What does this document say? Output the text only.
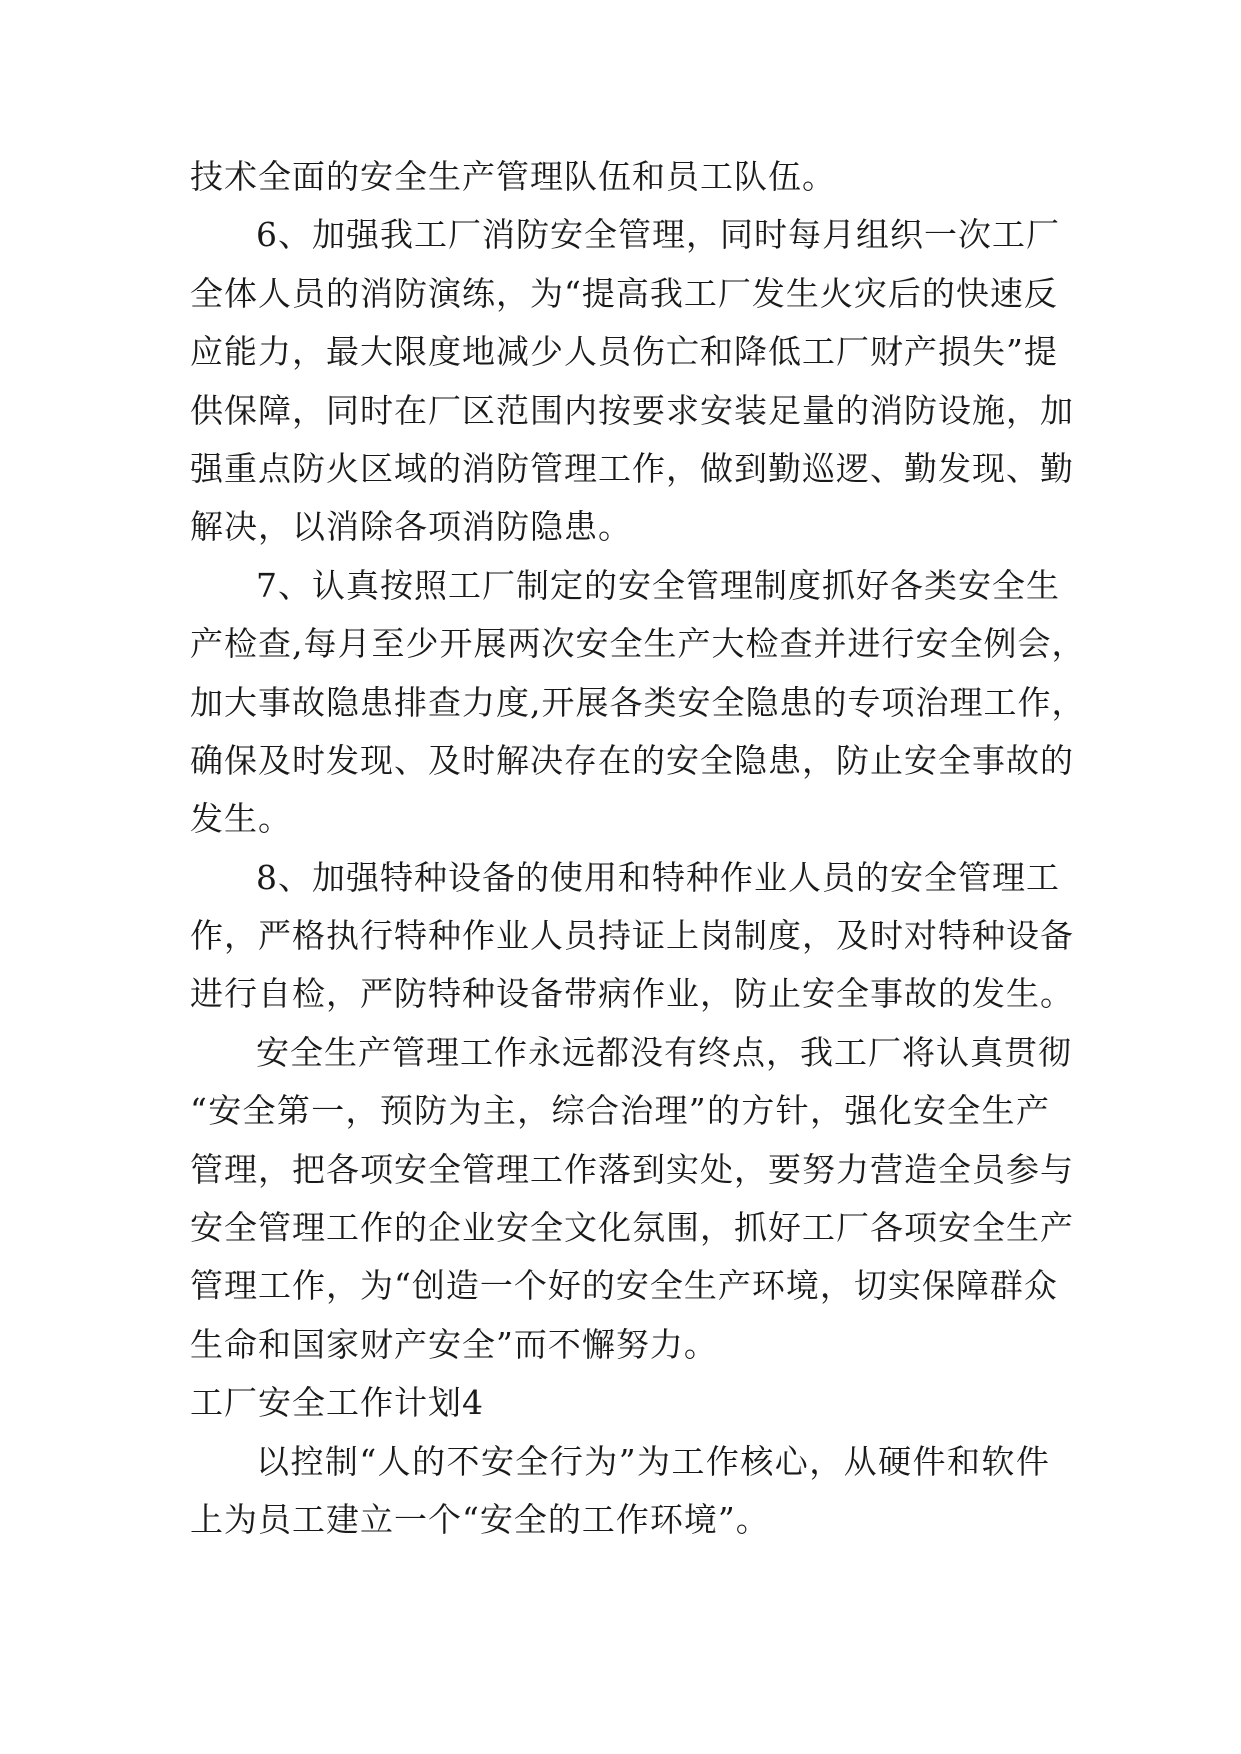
技 术 全 面 的 安 全 生 产 管 理 队 伍 和 员 工 队 伍 。
6 、 加 强 我 工 厂 消 防 安 全 管 理 ， 同 时 每 月 组 织 一 次 工 厂
全 体 人 员 的 消 防 演 练 ， 为 “ 提 高 我 工 厂 发 生 火 灾 后 的 快 速 反
应 能 力 ， 最 大 限 度 地 减 少 人 员 伤 亡 和 降 低 工 厂 财 产 损 失 ” 提
供 保 障 ， 同 时 在 厂 区 范 围 内 按 要 求 安 装 足 量 的 消 防 设 施 ， 加
强 重 点 防 火 区 域 的 消 防 管 理 工 作 ， 做 到 勤 巡 逻 、 勤 发 现 、 勤
解 决 ， 以 消 除 各 项 消 防 隐 患 。
7 、 认 真 按 照 工 厂 制 定 的 安 全 管 理 制 度 抓 好 各 类 安 全 生
产 检 查 , 每 月 至 少 开 展 两 次 安 全 生 产 大 检 查 并 进 行 安 全 例 会 ，
加 大 事 故 隐 患 排 查 力 度 , 开 展 各 类 安 全 隐 患 的 专 项 治 理 工 作 ，
确 保 及 时 发 现 、 及 时 解 决 存 在 的 安 全 隐 患 ， 防 止 安 全 事 故 的
发 生 。
8 、 加 强 特 种 设 备 的 使 用 和 特 种 作 业 人 员 的 安 全 管 理 工
作 ， 严 格 执 行 特 种 作 业 人 员 持 证 上 岗 制 度 ， 及 时 对 特 种 设 备
进 行 自 检 ， 严 防 特 种 设 备 带 病 作 业 ， 防 止 安 全 事 故 的 发 生 。
安 全 生 产 管 理 工 作 永 远 都 没 有 终 点 ， 我 工 厂 将 认 真 贯 彻
“ 安 全 第 一 ， 预 防 为 主 ， 综 合 治 理 ” 的 方 针 ， 强 化 安 全 生 产
管 理 ， 把 各 项 安 全 管 理 工 作 落 到 实 处 ， 要 努 力 营 造 全 员 参 与
安 全 管 理 工 作 的 企 业 安 全 文 化 氛 围 ， 抓 好 工 厂 各 项 安 全 生 产
管 理 工 作 ， 为 “ 创 造 一 个 好 的 安 全 生 产 环 境 ， 切 实 保 障 群 众
生 命 和 国 家 财 产 安 全 ” 而 不 懈 努 力 。
工 厂 安 全 工 作 计 划 4
以 控 制 “ 人 的 不 安 全 行 为 ” 为 工 作 核 心 ， 从 硬 件 和 软 件
上 为 员 工 建 立 一 个 “ 安 全 的 工 作 环 境 ” 。
